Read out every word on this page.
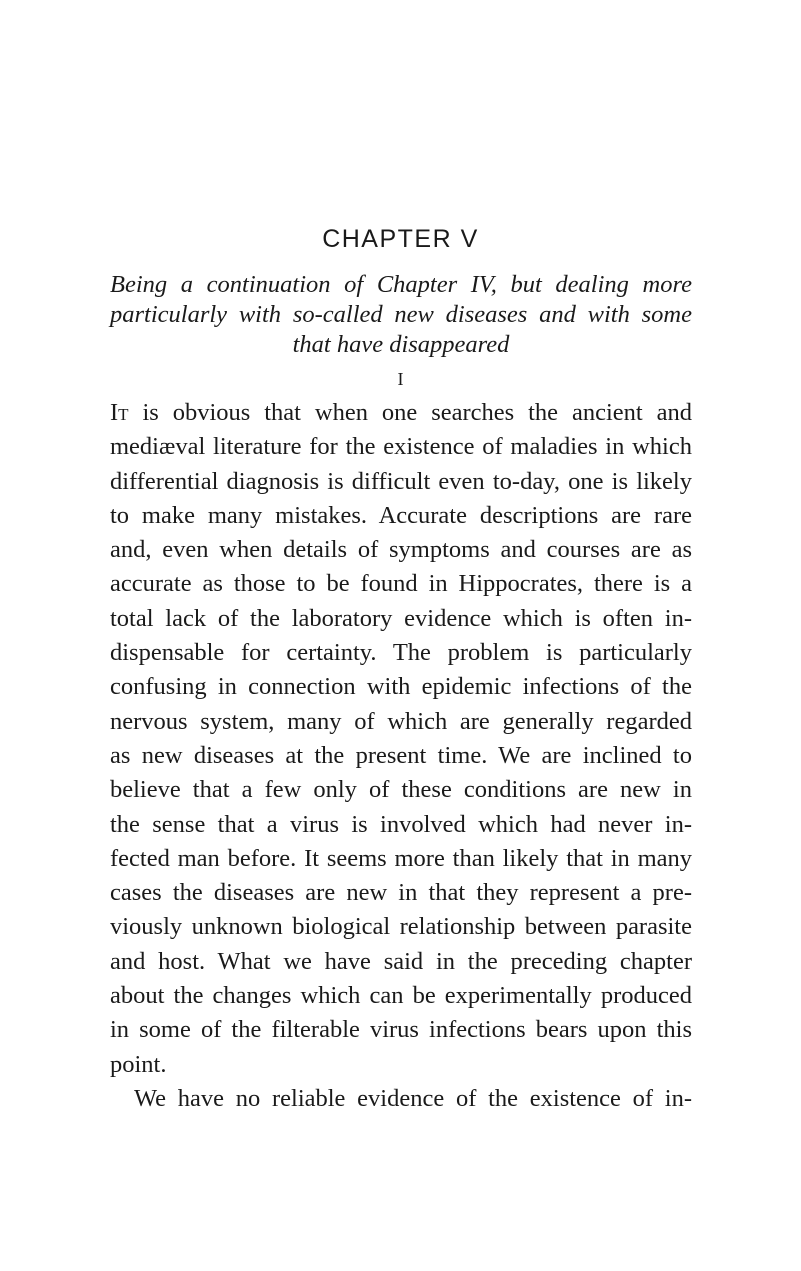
CHAPTER V
Being a continuation of Chapter IV, but dealing more
particularly with so-called new diseases and with some
that have disappeared
I
It is obvious that when one searches the ancient and
mediæval literature for the existence of maladies in which
differential diagnosis is difficult even to-day, one is likely
to make many mistakes. Accurate descriptions are rare
and, even when details of symptoms and courses are as
accurate as those to be found in Hippocrates, there is a
total lack of the laboratory evidence which is often in-
dispensable for certainty. The problem is particularly
confusing in connection with epidemic infections of the
nervous system, many of which are generally regarded
as new diseases at the present time. We are inclined to
believe that a few only of these conditions are new in
the sense that a virus is involved which had never in-
fected man before. It seems more than likely that in many
cases the diseases are new in that they represent a pre-
viously unknown biological relationship between parasite
and host. What we have said in the preceding chapter
about the changes which can be experimentally produced
in some of the filterable virus infections bears upon this
point.
We have no reliable evidence of the existence of in-
